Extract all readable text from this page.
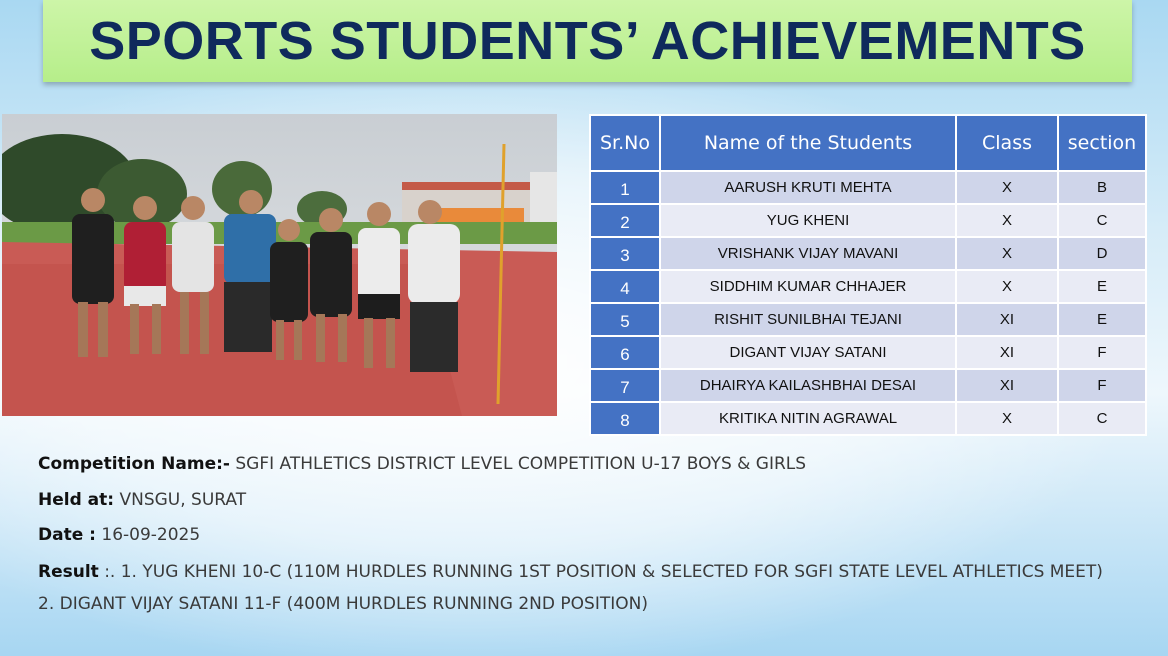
SPORTS STUDENTS’ ACHIEVEMENTS
Sr.No	Name of the Students	Class	section
1	AARUSH KRUTI MEHTA	X	B
2	YUG KHENI	X	C
3	VRISHANK VIJAY MAVANI	X	D
4	SIDDHIM KUMAR CHHAJER	X	E
5	RISHIT SUNILBHAI TEJANI	XI	E
6	DIGANT VIJAY SATANI	XI	F
7	DHAIRYA KAILASHBHAI DESAI	XI	F
8	KRITIKA NITIN AGRAWAL	X	C
Competition Name:- SGFI ATHLETICS DISTRICT LEVEL COMPETITION U-17 BOYS & GIRLS
Held at: VNSGU, SURAT
Date : 16-09-2025
Result :. 1. YUG KHENI 10-C (110M HURDLES RUNNING 1ST POSITION & SELECTED FOR SGFI STATE LEVEL ATHLETICS MEET)
2. DIGANT VIJAY SATANI 11-F (400M HURDLES RUNNING 2ND POSITION)
